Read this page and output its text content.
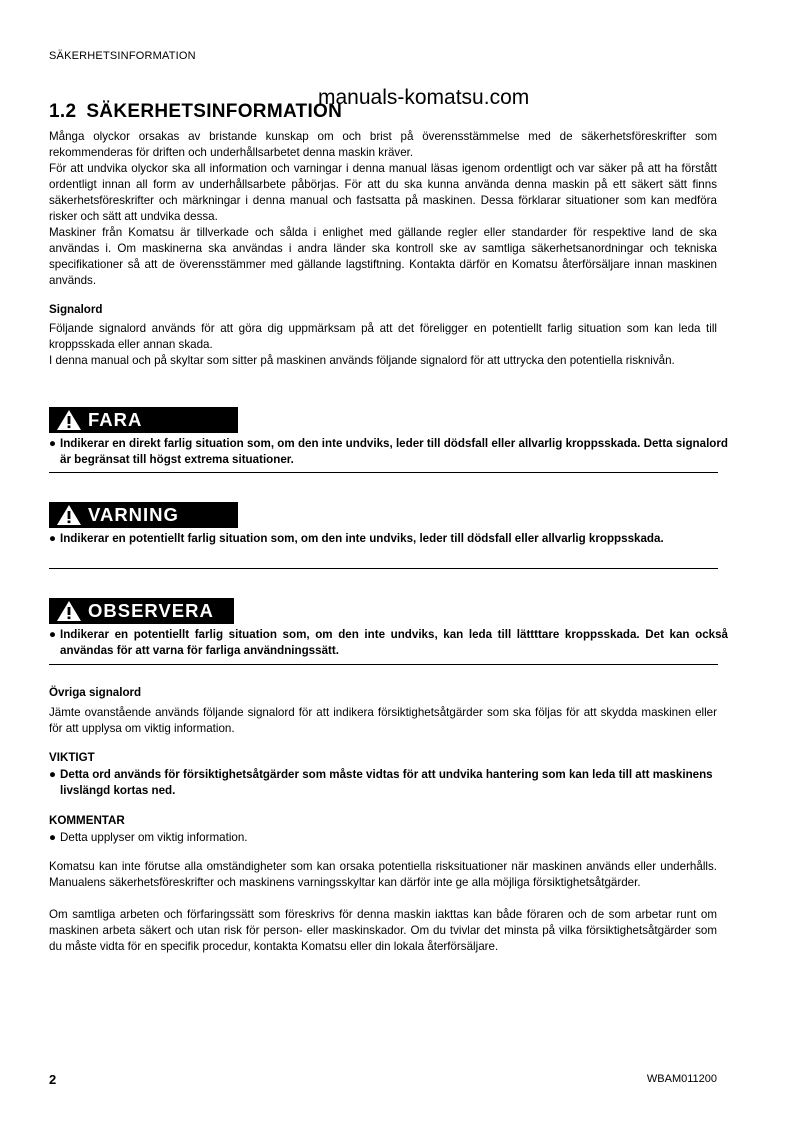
SÄKERHETSINFORMATION
manuals-komatsu.com
1.2 SÄKERHETSINFORMATION

Många olyckor orsakas av bristande kunskap om och brist på överensstämmelse med de säkerhetsföreskrifter som rekommenderas för driften och underhållsarbetet denna maskin kräver.

För att undvika olyckor ska all information och varningar i denna manual läsas igenom ordentligt och var säker på att ha förstått ordentligt innan all form av underhållsarbete påbörjas. För att du ska kunna använda denna maskin på ett säkert sätt finns säkerhetsföreskrifter och märkningar i denna manual och fastsatta på maskinen. Dessa förklarar situationer som kan medföra risker och sätt att undvika dessa.

Maskiner från Komatsu är tillverkade och sålda i enlighet med gällande regler eller standarder för respektive land de ska användas i. Om maskinerna ska användas i andra länder ska kontroll ske av samtliga säkerhetsanordningar och tekniska specifikationer så att de överensstämmer med gällande lagstiftning. Kontakta därför en Komatsu återförsäljare innan maskinen används.

Signalord

Följande signalord används för att göra dig uppmärksam på att det föreligger en potentiellt farlig situation som kan leda till kroppsskada eller annan skada.

I denna manual och på skyltar som sitter på maskinen används följande signalord för att uttrycka den potentiella risknivån.

FARA

● Indikerar en direkt farlig situation som, om den inte undviks, leder till dödsfall eller allvarlig kroppsskada. Detta signalord är begränsat till högst extrema situationer.

VARNING

● Indikerar en potentiellt farlig situation som, om den inte undviks, leder till dödsfall eller allvarlig kroppsskada.

OBSERVERA

● Indikerar en potentiellt farlig situation som, om den inte undviks, kan leda till lättttare kroppsskada. Det kan också användas för att varna för farliga användningssätt.

Övriga signalord

Jämte ovanstående används följande signalord för att indikera försiktighetsåtgärder som ska följas för att skydda maskinen eller för att upplysa om viktig information.

VIKTIGT

● Detta ord används för försiktighetsåtgärder som måste vidtas för att undvika hantering som kan leda till att maskinens livslängd kortas ned.

KOMMENTAR

● Detta upplyser om viktig information.

Komatsu kan inte förutse alla omständigheter som kan orsaka potentiella risksituationer när maskinen används eller underhålls. Manualens säkerhetsföreskrifter och maskinens varningsskyltar kan därför inte ge alla möjliga försiktighetsåtgärder.

Om samtliga arbeten och förfaringssätt som föreskrivs för denna maskin iakttas kan både föraren och de som arbetar runt om maskinen arbeta säkert och utan risk för person- eller maskinskador. Om du tvivlar det minsta på vilka försiktighetsåtgärder som du måste vidta för en specifik procedur, kontakta Komatsu eller din lokala återförsäljare.

2	WBAM011200
